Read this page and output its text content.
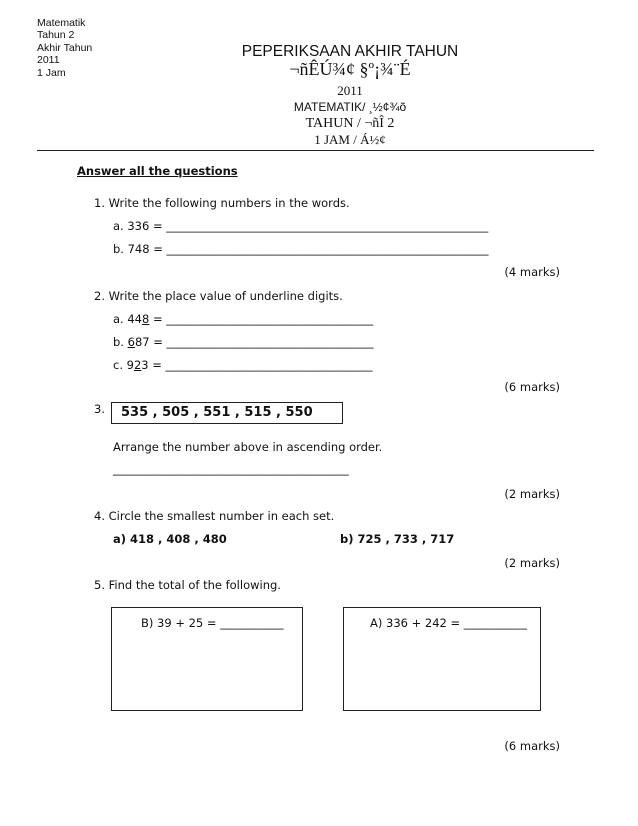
Matematik
Tahun 2
Akhir Tahun
2011
1 Jam
PEPERIKSAAN AKHIR TAHUN
¬ñÊÚ¾¢ §º¡¾¨É
2011
MATEMATIK/ ¸½¢¾õ
TAHUN / ¬ñÎ 2
1 JAM / Á½¢
Answer all the questions
1. Write the following numbers in the words.
a. 336 = ________________________________________________________
b. 748 = ________________________________________________________
(4 marks)
2. Write the place value of underline digits.
a. 448 = ____________________________________
b. 687 = ____________________________________
c. 923 = ____________________________________
(6 marks)
3. 535 , 505 , 551 , 515 , 550
Arrange the number above in ascending order.
_________________________________________
(2 marks)
4. Circle the smallest number in each set.
a) 418 , 408 , 480	b) 725 , 733 , 717
(2 marks)
5. Find the total of the following.
B) 39 + 25 = ___________	A) 336 + 242 = ___________
(6 marks)
